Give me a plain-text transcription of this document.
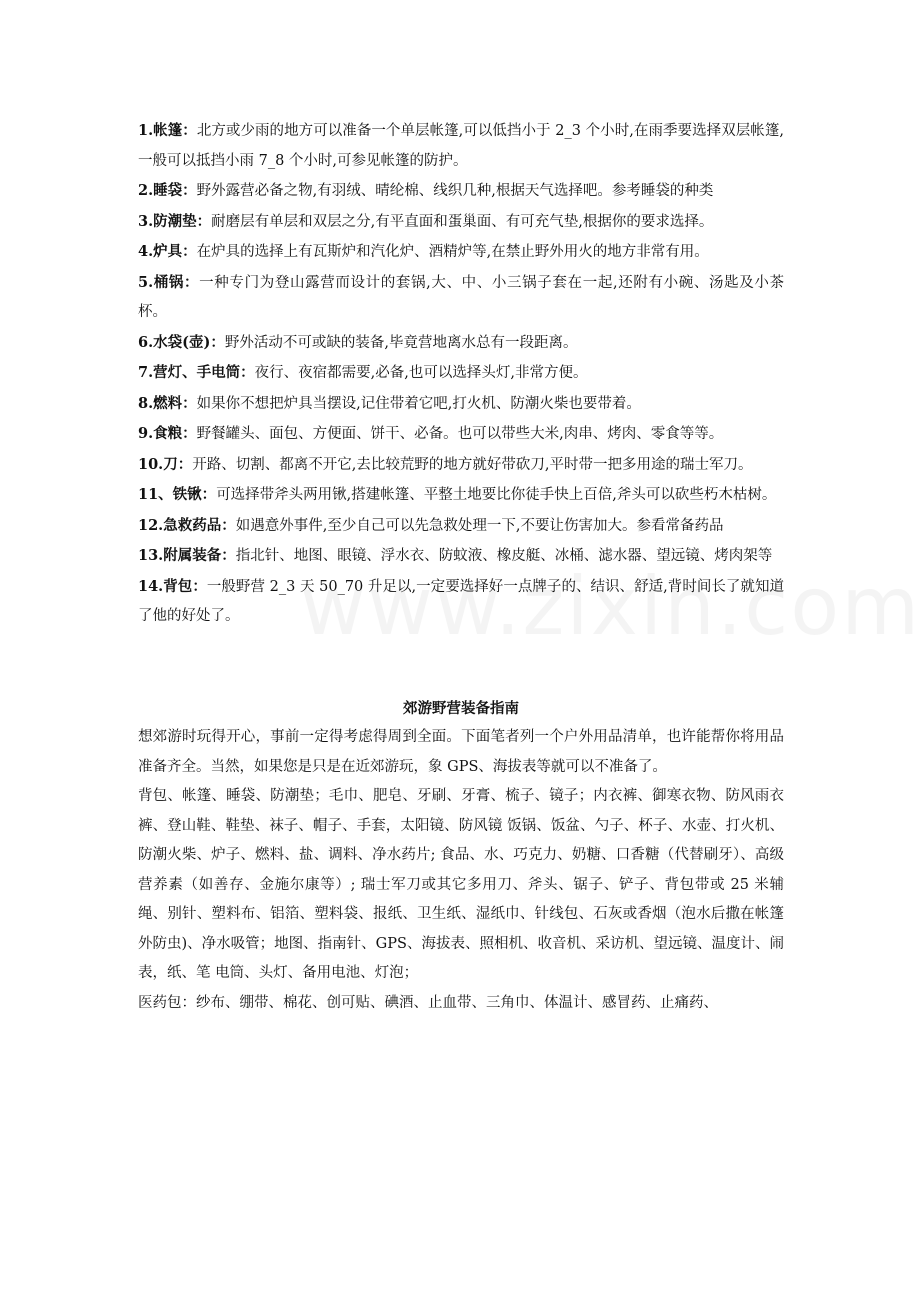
1.帐篷：北方或少雨的地方可以准备一个单层帐篷,可以低挡小于 2_3 个小时,在雨季要选择双层帐篷,一般可以抵挡小雨 7_8 个小时,可参见帐篷的防护。

2.睡袋：野外露营必备之物,有羽绒、晴纶棉、线织几种,根据天气选择吧。参考睡袋的种类

3.防潮垫：耐磨层有单层和双层之分,有平直面和蛋巢面、有可充气垫,根据你的要求选择。

4.炉具：在炉具的选择上有瓦斯炉和汽化炉、酒精炉等,在禁止野外用火的地方非常有用。

5.桶锅：一种专门为登山露营而设计的套锅,大、中、小三锅子套在一起,还附有小碗、汤匙及小茶杯。

6.水袋(壶)：野外活动不可或缺的装备,毕竟营地离水总有一段距离。

7.营灯、手电筒：夜行、夜宿都需要,必备,也可以选择头灯,非常方便。

8.燃料：如果你不想把炉具当摆设,记住带着它吧,打火机、防潮火柴也要带着。

9.食粮：野餐罐头、面包、方便面、饼干、必备。也可以带些大米,肉串、烤肉、零食等等。

10.刀：开路、切割、都离不开它,去比较荒野的地方就好带砍刀,平时带一把多用途的瑞士军刀。

11、铁锹：可选择带斧头两用锹,搭建帐篷、平整土地要比你徒手快上百倍,斧头可以砍些朽木枯树。

12.急救药品：如遇意外事件,至少自己可以先急救处理一下,不要让伤害加大。参看常备药品

13.附属装备：指北针、地图、眼镜、浮水衣、防蚊液、橡皮艇、冰桶、滤水器、望远镜、烤肉架等

14.背包：一般野营 2_3 天 50_70 升足以,一定要选择好一点牌子的、结识、舒适,背时间长了就知道了他的好处了。

郊游野营装备指南

想郊游时玩得开心，事前一定得考虑得周到全面。下面笔者列一个户外用品清单，也许能帮你将用品准备齐全。当然，如果您是只是在近郊游玩，象 GPS、海拔表等就可以不准备了。

背包、帐篷、睡袋、防潮垫；毛巾、肥皂、牙刷、牙膏、梳子、镜子；内衣裤、御寒衣物、防风雨衣裤、登山鞋、鞋垫、袜子、帽子、手套，太阳镜、防风镜 饭锅、饭盆、勺子、杯子、水壶、打火机、防潮火柴、炉子、燃料、盐、调料、净水药片; 食品、水、巧克力、奶糖、口香糖（代替刷牙）、高级营养素（如善存、金施尔康等）; 瑞士军刀或其它多用刀、斧头、锯子、铲子、背包带或 25 米辅绳、别针、塑料布、铝箔、塑料袋、报纸、卫生纸、湿纸巾、针线包、石灰或香烟（泡水后撒在帐篷外防虫)、净水吸管；地图、指南针、GPS、海拔表、照相机、收音机、采访机、望远镜、温度计、闹表，纸、笔 电筒、头灯、备用电池、灯泡；

医药包：纱布、绷带、棉花、创可贴、碘酒、止血带、三角巾、体温计、感冒药、止痛药、
